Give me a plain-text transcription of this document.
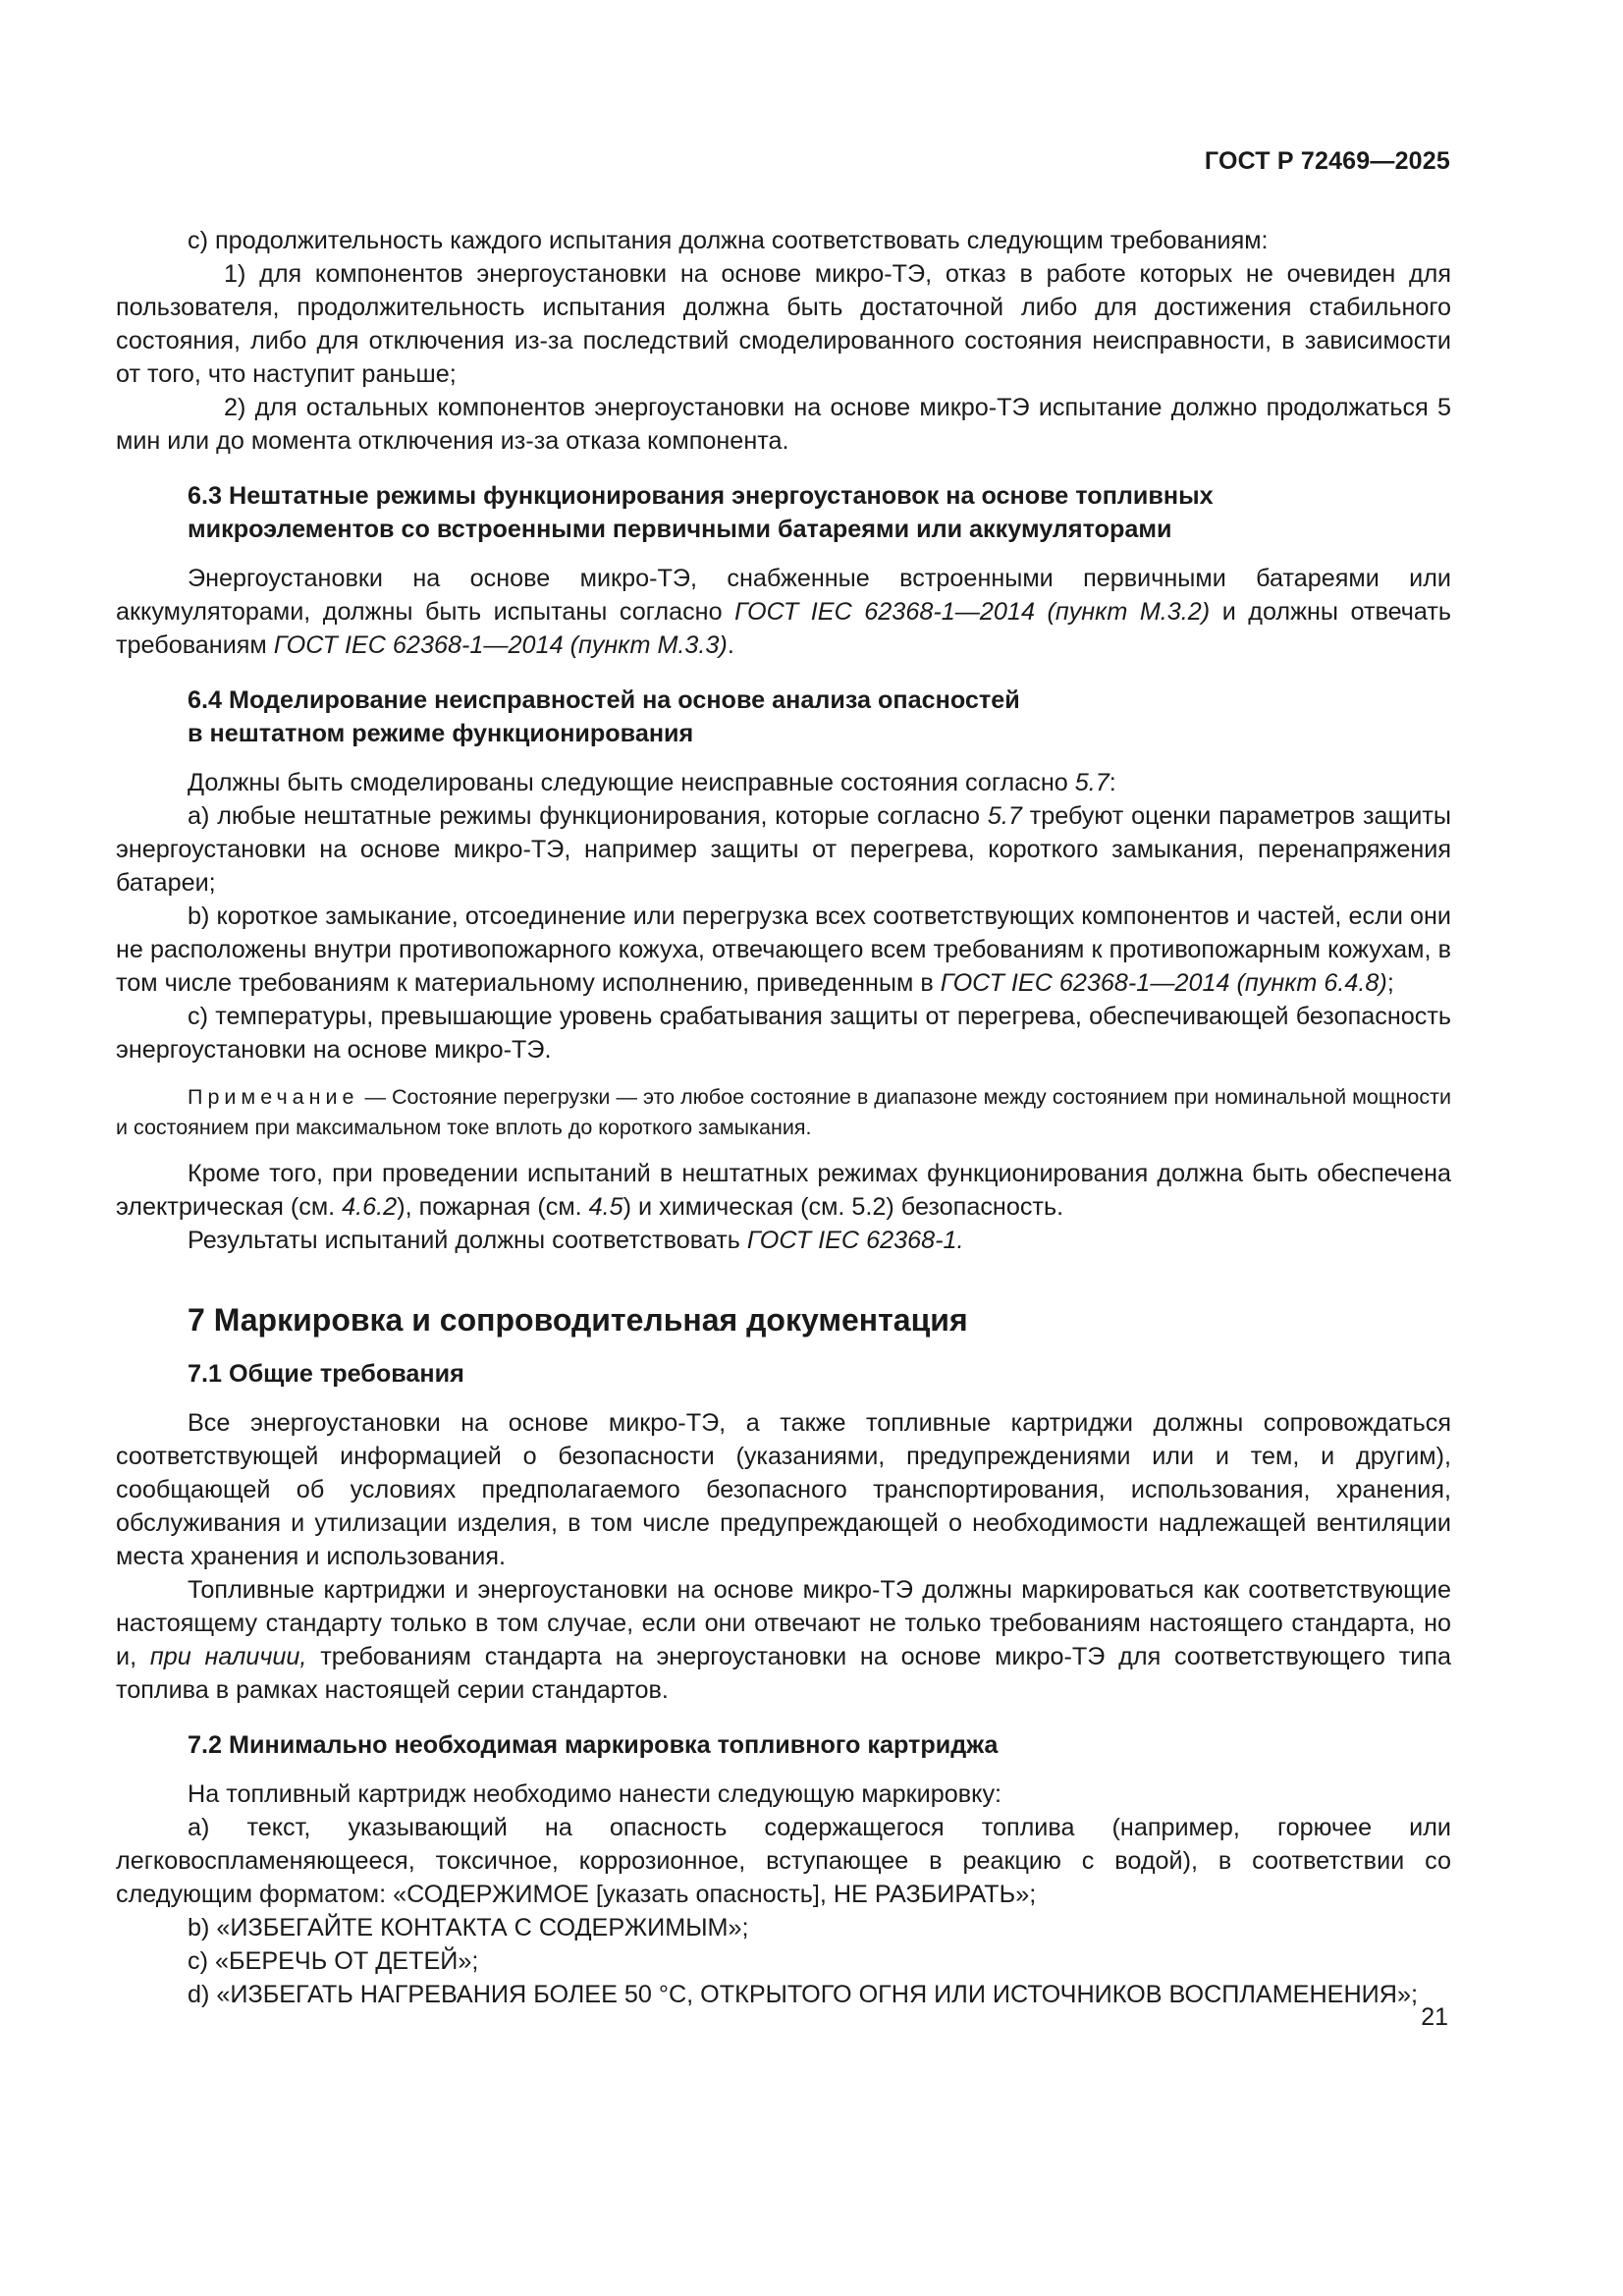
ГОСТ Р 72469—2025

c) продолжительность каждого испытания должна соответствовать следующим требованиям:

1) для компонентов энергоустановки на основе микро-ТЭ, отказ в работе которых не очевиден для пользователя, продолжительность испытания должна быть достаточной либо для достижения стабильного состояния, либо для отключения из-за последствий смоделированного состояния неисправности, в зависимости от того, что наступит раньше;

2) для остальных компонентов энергоустановки на основе микро-ТЭ испытание должно продолжаться 5 мин или до момента отключения из-за отказа компонента.

6.3 Нештатные режимы функционирования энергоустановок на основе топливных
микроэлементов со встроенными первичными батареями или аккумуляторами

Энергоустановки на основе микро-ТЭ, снабженные встроенными первичными батареями или аккумуляторами, должны быть испытаны согласно ГОСТ IEC 62368-1—2014 (пункт M.3.2) и должны отвечать требованиям ГОСТ IEC 62368-1—2014 (пункт M.3.3).

6.4 Моделирование неисправностей на основе анализа опасностей
в нештатном режиме функционирования

Должны быть смоделированы следующие неисправные состояния согласно 5.7:

a) любые нештатные режимы функционирования, которые согласно 5.7 требуют оценки параметров защиты энергоустановки на основе микро-ТЭ, например защиты от перегрева, короткого замыкания, перенапряжения батареи;

b) короткое замыкание, отсоединение или перегрузка всех соответствующих компонентов и частей, если они не расположены внутри противопожарного кожуха, отвечающего всем требованиям к противопожарным кожухам, в том числе требованиям к материальному исполнению, приведенным в ГОСТ IEC 62368-1—2014 (пункт 6.4.8);

c) температуры, превышающие уровень срабатывания защиты от перегрева, обеспечивающей безопасность энергоустановки на основе микро-ТЭ.

Примечание — Состояние перегрузки — это любое состояние в диапазоне между состоянием при номинальной мощности и состоянием при максимальном токе вплоть до короткого замыкания.

Кроме того, при проведении испытаний в нештатных режимах функционирования должна быть обеспечена электрическая (см. 4.6.2), пожарная (см. 4.5) и химическая (см. 5.2) безопасность.

Результаты испытаний должны соответствовать ГОСТ IEC 62368-1.

7 Маркировка и сопроводительная документация
7.1 Общие требования

Все энергоустановки на основе микро-ТЭ, а также топливные картриджи должны сопровождаться соответствующей информацией о безопасности (указаниями, предупреждениями или и тем, и другим), сообщающей об условиях предполагаемого безопасного транспортирования, использования, хранения, обслуживания и утилизации изделия, в том числе предупреждающей о необходимости надлежащей вентиляции места хранения и использования.

Топливные картриджи и энергоустановки на основе микро-ТЭ должны маркироваться как соответствующие настоящему стандарту только в том случае, если они отвечают не только требованиям настоящего стандарта, но и, при наличии, требованиям стандарта на энергоустановки на основе микро-ТЭ для соответствующего типа топлива в рамках настоящей серии стандартов.

7.2 Минимально необходимая маркировка топливного картриджа

На топливный картридж необходимо нанести следующую маркировку:

a) текст, указывающий на опасность содержащегося топлива (например, горючее или легковоспламеняющееся, токсичное, коррозионное, вступающее в реакцию с водой), в соответствии со следующим форматом: «СОДЕРЖИМОЕ [указать опасность], НЕ РАЗБИРАТЬ»;

b) «ИЗБЕГАЙТЕ КОНТАКТА С СОДЕРЖИМЫМ»;

c) «БЕРЕЧЬ ОТ ДЕТЕЙ»;

d) «ИЗБЕГАТЬ НАГРЕВАНИЯ БОЛЕЕ 50 °C, ОТКРЫТОГО ОГНЯ ИЛИ ИСТОЧНИКОВ ВОСПЛАМЕНЕНИЯ»;

21
